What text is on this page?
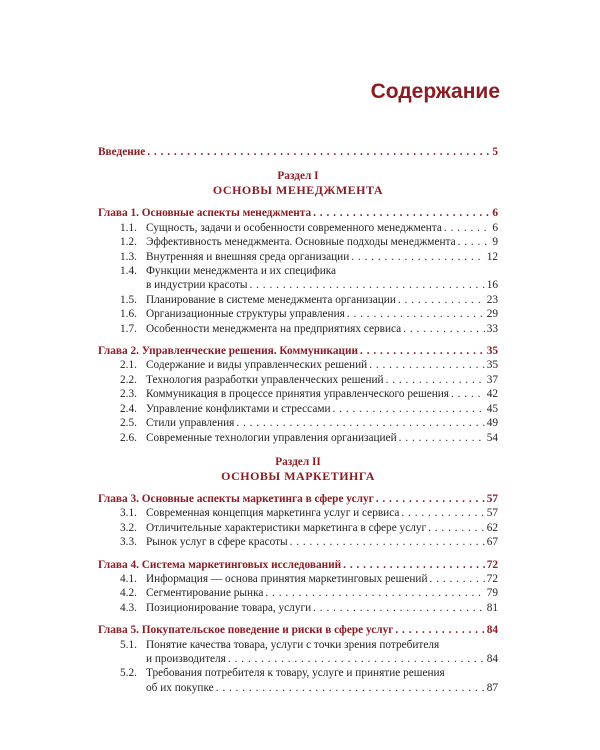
Содержание
Введение . . .	5
Раздел I
ОСНОВЫ МЕНЕДЖМЕНТА
Глава 1. Основные аспекты менеджмента . . .	6
1.1. Сущность, задачи и особенности современного менеджмента . . .	6
1.2. Эффективность менеджмента. Основные подходы менеджмента . . .	9
1.3. Внутренняя и внешняя среда организации . . .	12
1.4. Функции менеджмента и их специфика
в индустрии красоты . . .	16
1.5. Планирование в системе менеджмента организации . . .	23
1.6. Организационные структуры управления . . .	29
1.7. Особенности менеджмента на предприятиях сервиса . . .	33
Глава 2. Управленческие решения. Коммуникации . . .	35
2.1. Содержание и виды управленческих решений . . .	35
2.2. Технология разработки управленческих решений . . .	37
2.3. Коммуникация в процессе принятия управленческого решения . . .	42
2.4. Управление конфликтами и стрессами . . .	45
2.5. Стили управления . . .	49
2.6. Современные технологии управления организацией . . .	54
Раздел II
ОСНОВЫ МАРКЕТИНГА
Глава 3. Основные аспекты маркетинга в сфере услуг . . .	57
3.1. Современная концепция маркетинга услуг и сервиса . . .	57
3.2. Отличительные характеристики маркетинга в сфере услуг . . .	62
3.3. Рынок услуг в сфере красоты . . .	67
Глава 4. Система маркетинговых исследований . . .	72
4.1. Информация — основа принятия маркетинговых решений . . .	72
4.2. Сегментирование рынка . . .	79
4.3. Позиционирование товара, услуги . . .	81
Глава 5. Покупательское поведение и риски в сфере услуг . . .	84
5.1. Понятие качества товара, услуги с точки зрения потребителя
и производителя . . .	84
5.2. Требования потребителя к товару, услуге и принятие решения
об их покупке . . .	87
